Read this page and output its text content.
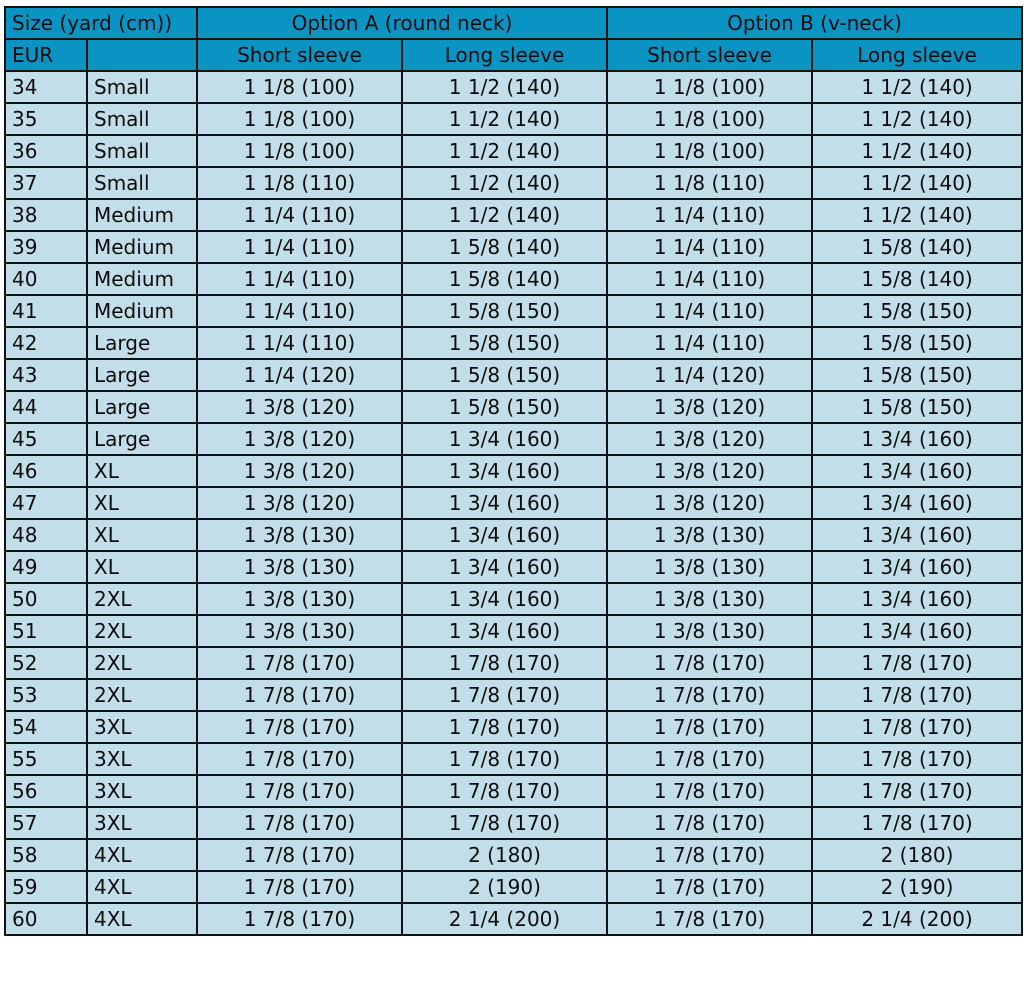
Size (yard (cm))		Option A (round neck)		Option B (v-neck)	
EUR		Short sleeve	Long sleeve	Short sleeve	Long sleeve
34	Small	1 1/8 (100)	1 1/2 (140)	1 1/8 (100)	1 1/2 (140)
35	Small	1 1/8 (100)	1 1/2 (140)	1 1/8 (100)	1 1/2 (140)
36	Small	1 1/8 (100)	1 1/2 (140)	1 1/8 (100)	1 1/2 (140)
37	Small	1 1/8 (110)	1 1/2 (140)	1 1/8 (110)	1 1/2 (140)
38	Medium	1 1/4 (110)	1 1/2 (140)	1 1/4 (110)	1 1/2 (140)
39	Medium	1 1/4 (110)	1 5/8 (140)	1 1/4 (110)	1 5/8 (140)
40	Medium	1 1/4 (110)	1 5/8 (140)	1 1/4 (110)	1 5/8 (140)
41	Medium	1 1/4 (110)	1 5/8 (150)	1 1/4 (110)	1 5/8 (150)
42	Large	1 1/4 (110)	1 5/8 (150)	1 1/4 (110)	1 5/8 (150)
43	Large	1 1/4 (120)	1 5/8 (150)	1 1/4 (120)	1 5/8 (150)
44	Large	1 3/8 (120)	1 5/8 (150)	1 3/8 (120)	1 5/8 (150)
45	Large	1 3/8 (120)	1 3/4 (160)	1 3/8 (120)	1 3/4 (160)
46	XL	1 3/8 (120)	1 3/4 (160)	1 3/8 (120)	1 3/4 (160)
47	XL	1 3/8 (120)	1 3/4 (160)	1 3/8 (120)	1 3/4 (160)
48	XL	1 3/8 (130)	1 3/4 (160)	1 3/8 (130)	1 3/4 (160)
49	XL	1 3/8 (130)	1 3/4 (160)	1 3/8 (130)	1 3/4 (160)
50	2XL	1 3/8 (130)	1 3/4 (160)	1 3/8 (130)	1 3/4 (160)
51	2XL	1 3/8 (130)	1 3/4 (160)	1 3/8 (130)	1 3/4 (160)
52	2XL	1 7/8 (170)	1 7/8 (170)	1 7/8 (170)	1 7/8 (170)
53	2XL	1 7/8 (170)	1 7/8 (170)	1 7/8 (170)	1 7/8 (170)
54	3XL	1 7/8 (170)	1 7/8 (170)	1 7/8 (170)	1 7/8 (170)
55	3XL	1 7/8 (170)	1 7/8 (170)	1 7/8 (170)	1 7/8 (170)
56	3XL	1 7/8 (170)	1 7/8 (170)	1 7/8 (170)	1 7/8 (170)
57	3XL	1 7/8 (170)	1 7/8 (170)	1 7/8 (170)	1 7/8 (170)
58	4XL	1 7/8 (170)	2 (180)	1 7/8 (170)	2 (180)
59	4XL	1 7/8 (170)	2 (190)	1 7/8 (170)	2 (190)
60	4XL	1 7/8 (170)	2 1/4 (200)	1 7/8 (170)	2 1/4 (200)
